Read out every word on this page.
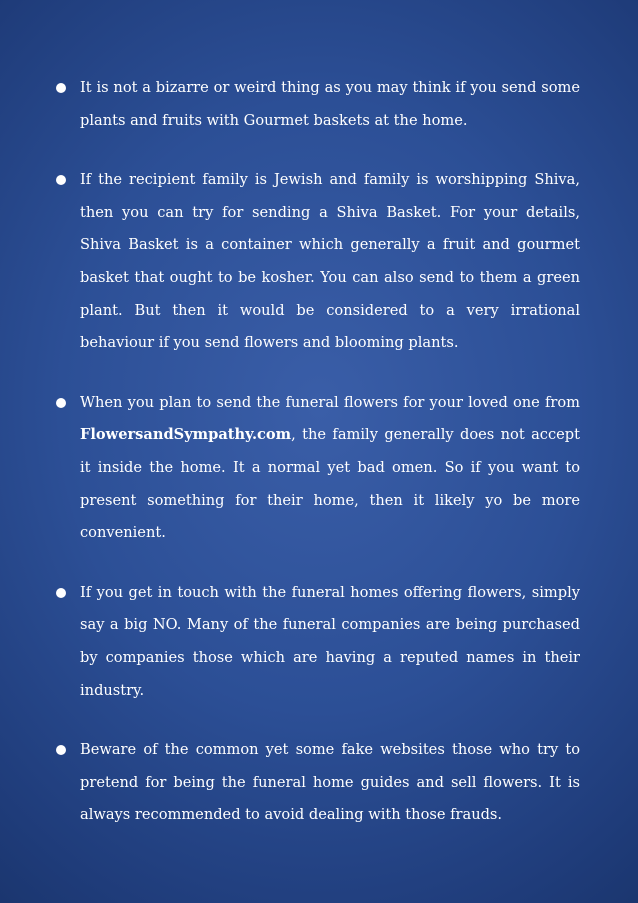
It is not a bizarre or weird thing as you may think if you send some plants and fruits with Gourmet baskets at the home.
If the recipient family is Jewish and family is worshipping Shiva, then you can try for sending a Shiva Basket. For your details, Shiva Basket is a container which generally a fruit and gourmet basket that ought to be kosher. You can also send to them a green plant. But then it would be considered to a very irrational behaviour if you send flowers and blooming plants.
When you plan to send the funeral flowers for your loved one from FlowersandSympathy.com, the family generally does not accept it inside the home. It a normal yet bad omen. So if you want to present something for their home, then it likely yo be more convenient.
If you get in touch with the funeral homes offering flowers, simply say a big NO. Many of the funeral companies are being purchased by companies those which are having a reputed names in their industry.
Beware of the common yet some fake websites those who try to pretend for being the funeral home guides and sell flowers. It is always recommended to avoid dealing with those frauds.
